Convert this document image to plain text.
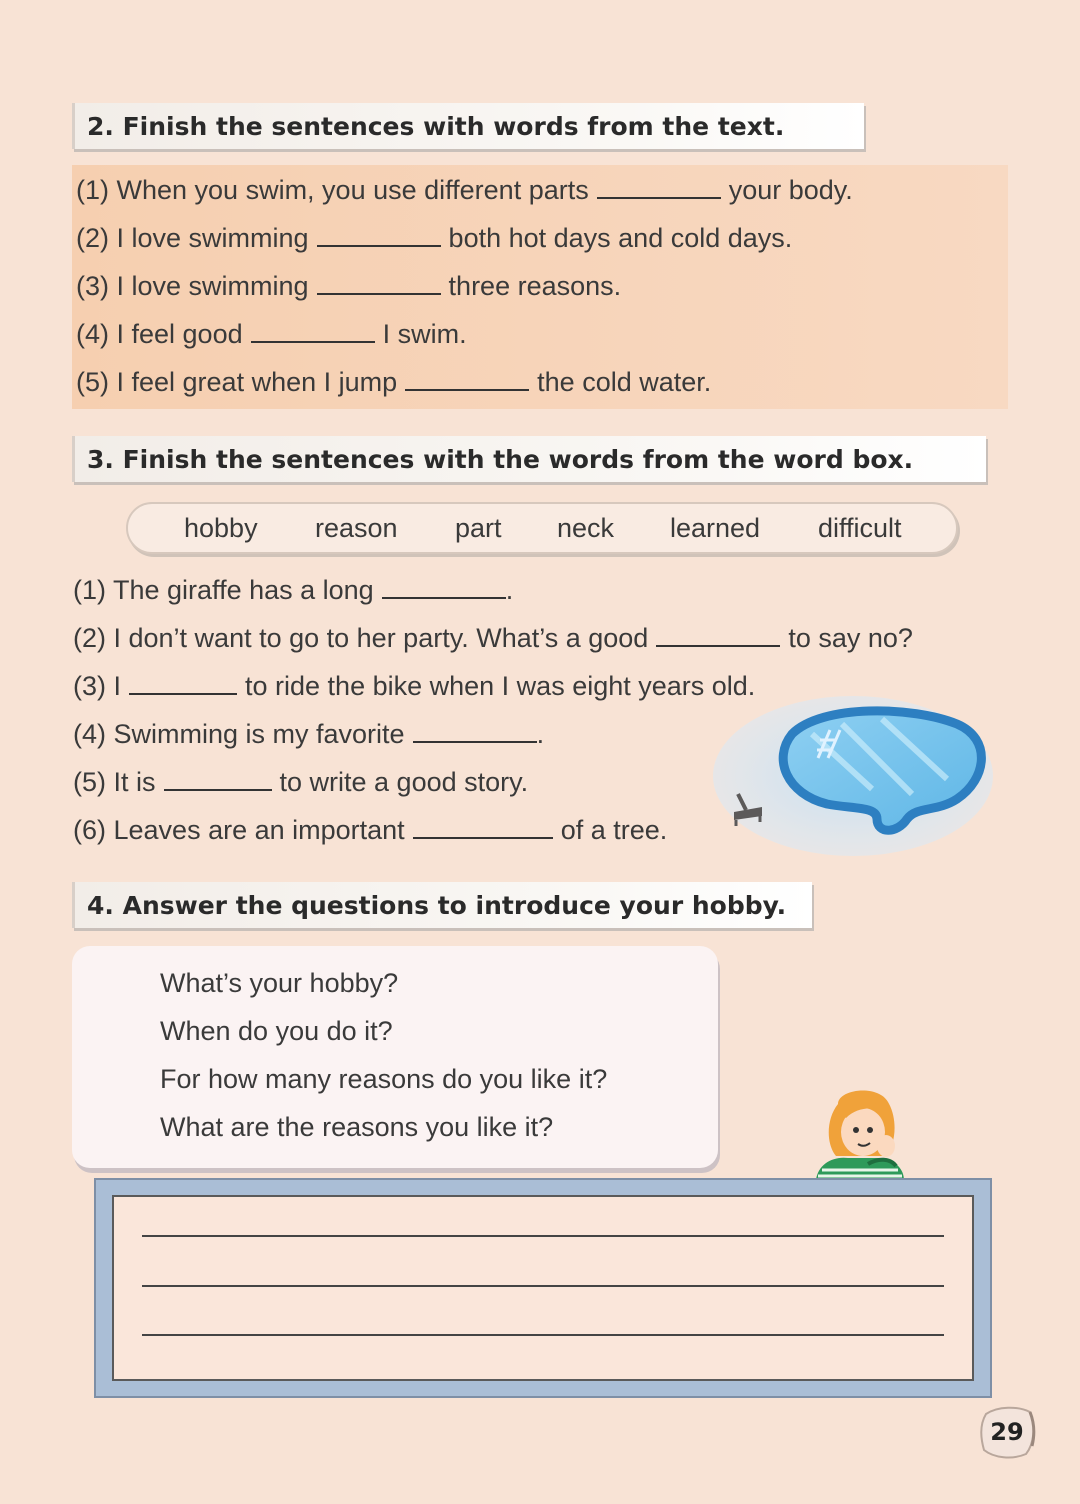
2. Finish the sentences with words from the text.
(1) When you swim, you use different parts	your body.
(2) I love swimming	both hot days and cold days.
(3) I love swimming	three reasons.
(4) I feel good	I swim.
(5) I feel great when I jump	the cold water.
3. Finish the sentences with the words from the word box.
hobby reason part neck learned difficult
(1) The giraffe has a long	.
(2) I don’t want to go to her party. What’s a good	to say no?
(3) I	to ride the bike when I was eight years old.
(4) Swimming is my favorite	.
(5) It is	to write a good story.
(6) Leaves are an important	of a tree.
4. Answer the questions to introduce your hobby.
What’s your hobby?
When do you do it?
For how many reasons do you like it?
What are the reasons you like it?
29
